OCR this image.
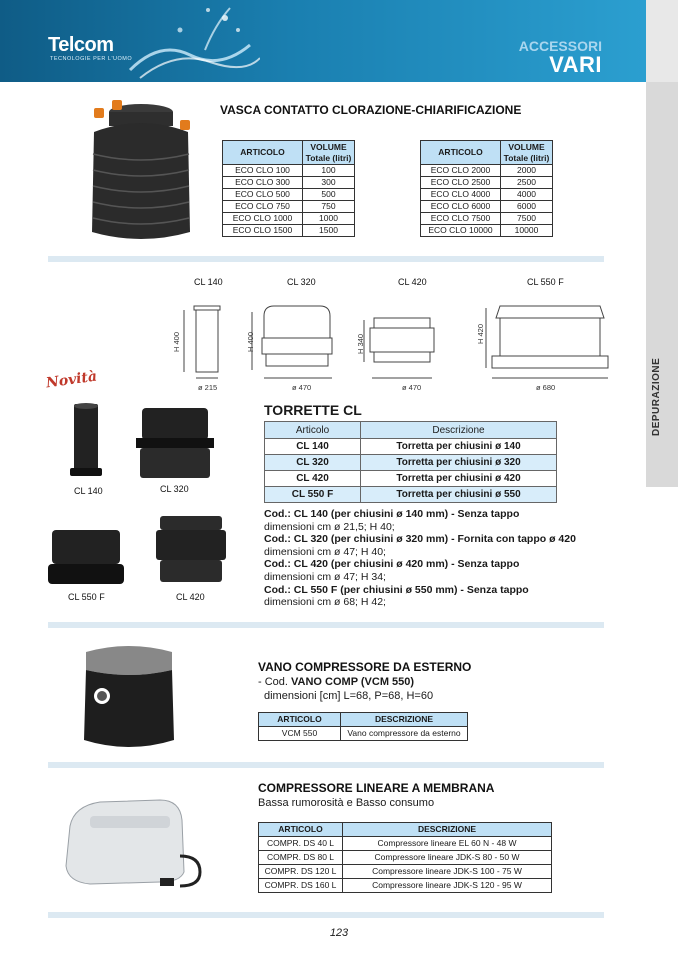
Telcom
TECNOLOGIE PER L'UOMO
ACCESSORI
VARI
DEPURAZIONE
VASCA CONTATTO CLORAZIONE-CHIARIFICAZIONE
ARTICOLO	VOLUME Totale (litri)
ECO CLO 100	100
ECO CLO 300	300
ECO CLO 500	500
ECO CLO 750	750
ECO CLO 1000	1000
ECO CLO 1500	1500
ARTICOLO	VOLUME Totale (litri)
ECO CLO 2000	2000
ECO CLO 2500	2500
ECO CLO 4000	4000
ECO CLO 6000	6000
ECO CLO 7500	7500
ECO CLO 10000	10000
CL 140	CL 320	CL 420	CL 550 F
H 400
ø 215
H 400
ø 470
H 340
ø 470
H 420
ø 680
Novità
CL 140	CL 320
CL 550 F	CL 420
TORRETTE CL
Articolo	Descrizione
CL 140	Torretta per chiusini ø 140
CL 320	Torretta per chiusini ø 320
CL 420	Torretta per chiusini ø 420
CL 550 F	Torretta per chiusini ø 550
Cod.: CL 140 (per chiusini ø 140 mm) - Senza tappo
dimensioni cm ø 21,5; H 40;
Cod.: CL 320 (per chiusini ø 320 mm) - Fornita con tappo ø 420
dimensioni cm ø 47; H 40;
Cod.: CL 420 (per chiusini ø 420 mm) - Senza tappo
dimensioni cm ø 47; H 34;
Cod.: CL 550 F (per chiusini ø 550 mm) - Senza tappo
dimensioni cm ø 68; H 42;
VANO COMPRESSORE DA ESTERNO
- Cod. VANO COMP (VCM 550)
dimensioni [cm] L=68, P=68, H=60
ARTICOLO	DESCRIZIONE
VCM 550	Vano compressore da esterno
COMPRESSORE LINEARE A MEMBRANA
Bassa rumorosità e Basso consumo
ARTICOLO	DESCRIZIONE
COMPR. DS 40 L	Compressore lineare EL 60 N - 48 W
COMPR. DS 80 L	Compressore lineare JDK-S 80 - 50 W
COMPR. DS 120 L	Compressore lineare JDK-S 100 - 75 W
COMPR. DS 160 L	Compressore lineare JDK-S 120 - 95 W
123
